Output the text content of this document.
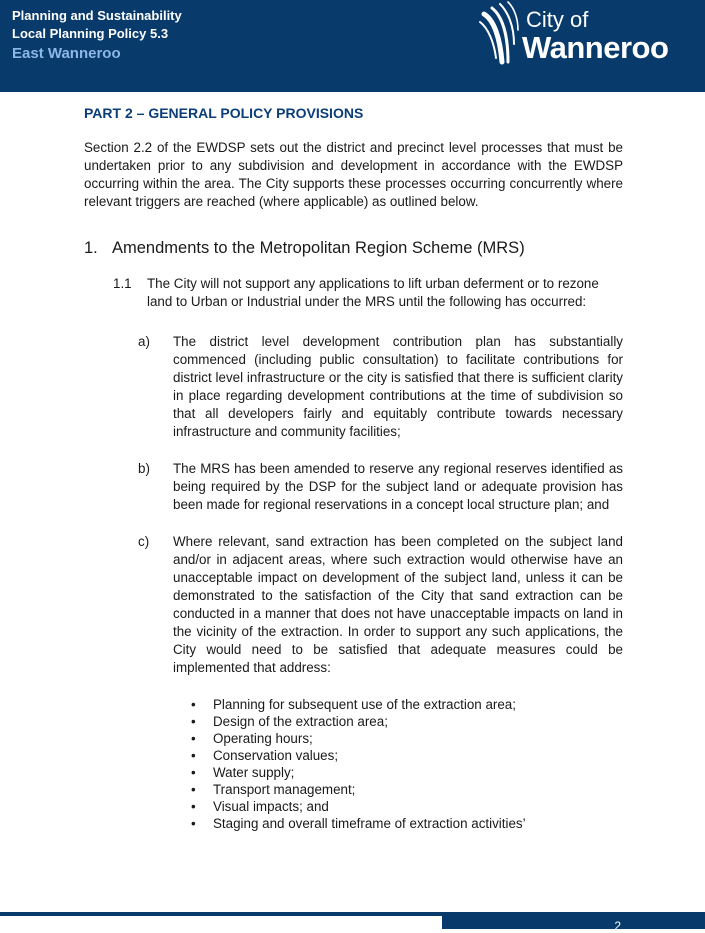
Planning and Sustainability
Local Planning Policy 5.3
East Wanneroo
City of
Wanneroo
PART 2 – GENERAL POLICY PROVISIONS

Section 2.2 of the EWDSP sets out the district and precinct level processes that must be undertaken prior to any subdivision and development in accordance with the EWDSP occurring within the area. The City supports these processes occurring concurrently where relevant triggers are reached (where applicable) as outlined below.

1. Amendments to the Metropolitan Region Scheme (MRS)
1.1 The City will not support any applications to lift urban deferment or to rezone land to Urban or Industrial under the MRS until the following has occurred:
a) The district level development contribution plan has substantially commenced (including public consultation) to facilitate contributions for district level infrastructure or the city is satisfied that there is sufficient clarity in place regarding development contributions at the time of subdivision so that all developers fairly and equitably contribute towards necessary infrastructure and community facilities;
b) The MRS has been amended to reserve any regional reserves identified as being required by the DSP for the subject land or adequate provision has been made for regional reservations in a concept local structure plan; and
c) Where relevant, sand extraction has been completed on the subject land and/or in adjacent areas, where such extraction would otherwise have an unacceptable impact on development of the subject land, unless it can be demonstrated to the satisfaction of the City that sand extraction can be conducted in a manner that does not have unacceptable impacts on land in the vicinity of the extraction. In order to support any such applications, the City would need to be satisfied that adequate measures could be implemented that address:
• Planning for subsequent use of the extraction area;
• Design of the extraction area;
• Operating hours;
• Conservation values;
• Water supply;
• Transport management;
• Visual impacts; and
• Staging and overall timeframe of extraction activities’
2
